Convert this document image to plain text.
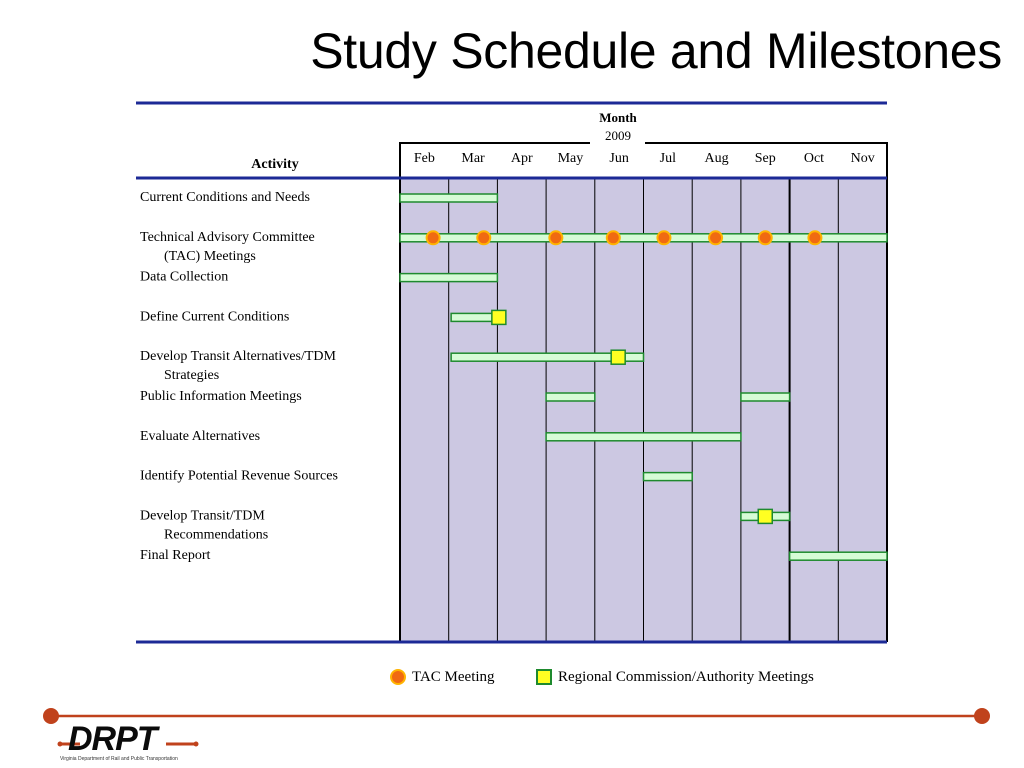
Study Schedule and Milestones
Month
2009
Activity	Feb Mar Apr May Jun Jul Aug Sep Oct Nov
Current Conditions and Needs
Technical Advisory Committee
(TAC) Meetings
Data Collection
Define Current Conditions
Develop Transit Alternatives/TDM
Strategies
Public Information Meetings
Evaluate Alternatives
Identify Potential Revenue Sources
Develop Transit/TDM
Recommendations
Final Report
TAC Meeting	Regional Commission/Authority Meetings
DRPT
Virginia Department of Rail and Public Transportation
